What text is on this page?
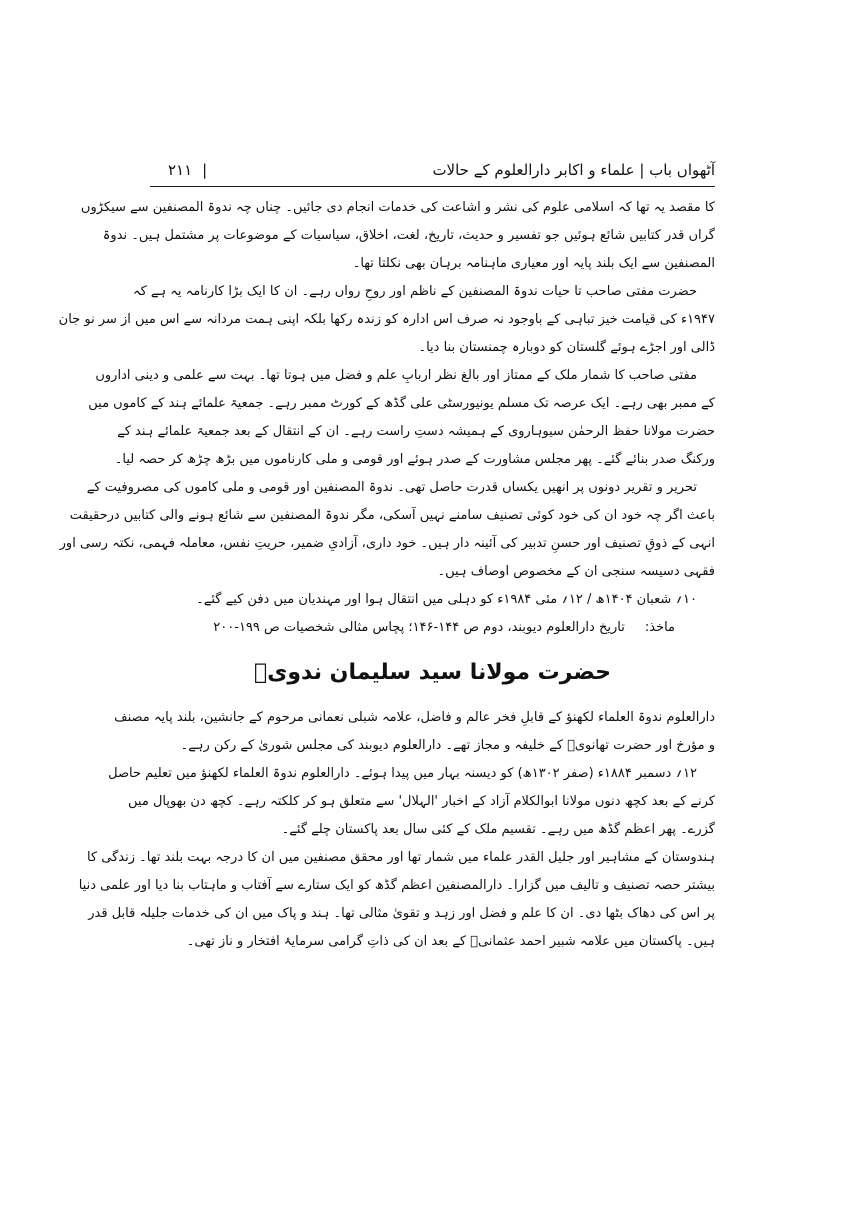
آٹھواں باب | علماء و اکابر دارالعلوم کے حالات
|
۲۱۱
کا مقصد یہ تھا کہ اسلامی علوم کی نشر و اشاعت کی خدمات انجام دی جائیں۔ چناں چہ ندوۃ المصنفین سے سیکڑوں
گراں قدر کتابیں شائع ہوئیں جو تفسیر و حدیث، تاریخ، لغت، اخلاق، سیاسیات کے موضوعات پر مشتمل ہیں۔ ندوۃ
المصنفین سے ایک بلند پایہ اور معیاری ماہنامہ برہان بھی نکلتا تھا۔
حضرت مفتی صاحب تا حیات ندوۃ المصنفین کے ناظم اور روحِ رواں رہے۔ ان کا ایک بڑا کارنامہ یہ ہے کہ
۱۹۴۷ء کی قیامت خیز تباہی کے باوجود نہ صرف اس ادارہ کو زندہ رکھا بلکہ اپنی ہمت مردانہ سے اس میں از سر نو جان
ڈالی اور اجڑے ہوئے گلستان کو دوبارہ چمنستان بنا دیا۔
مفتی صاحب کا شمار ملک کے ممتاز اور بالغ نظر اربابِ علم و فضل میں ہوتا تھا۔ بہت سے علمی و دینی اداروں
کے ممبر بھی رہے۔ ایک عرصہ تک مسلم یونیورسٹی علی گڈھ کے کورٹ ممبر رہے۔ جمعیۃ علمائے ہند کے کاموں میں
حضرت مولانا حفظ الرحمٰن سیوہاروی کے ہمیشہ دستِ راست رہے۔ ان کے انتقال کے بعد جمعیۃ علمائے ہند کے
ورکنگ صدر بنائے گئے۔ پھر مجلس مشاورت کے صدر ہوئے اور قومی و ملی کارناموں میں بڑھ چڑھ کر حصہ لیا۔
تحریر و تقریر دونوں پر انھیں یکساں قدرت حاصل تھی۔ ندوۃ المصنفین اور قومی و ملی کاموں کی مصروفیت کے
باعث اگر چہ خود ان کی خود کوئی تصنیف سامنے نہیں آسکی، مگر ندوۃ المصنفین سے شائع ہونے والی کتابیں درحقیقت
انہی کے ذوقِ تصنیف اور حسنِ تدبیر کی آئینہ دار ہیں۔ خود داری، آزادیِ ضمیر، حریتِ نفس، معاملہ فہمی، نکتہ رسی اور
فقہی دسیسہ سنجی ان کے مخصوص اوصاف ہیں۔
۱۰؍ شعبان ۱۴۰۴ھ / ۱۲؍ مئی ۱۹۸۴ء کو دہلی میں انتقال ہوا اور مہندیان میں دفن کیے گئے۔
ماخذ:
تاریخ دارالعلوم دیوبند، دوم ص ۱۴۴-۱۴۶؛ پچاس مثالی شخصیات ص ۱۹۹-۲۰۰
حضرت مولانا سید سلیمان ندویؒ
دارالعلوم ندوۃ العلماء لکھنؤ کے قابلِ فخر عالم و فاضل، علامہ شبلی نعمانی مرحوم کے جانشین، بلند پایہ مصنف
و مؤرخ اور حضرت تھانویؒ کے خلیفہ و مجاز تھے۔ دارالعلوم دیوبند کی مجلس شوریٰ کے رکن رہے۔
۱۲؍ دسمبر ۱۸۸۴ء (صفر ۱۳۰۲ھ) کو دیسنہ بہار میں پیدا ہوئے۔ دارالعلوم ندوۃ العلماء لکھنؤ میں تعلیم حاصل
کرنے کے بعد کچھ دنوں مولانا ابوالکلام آزاد کے اخبار 'الہلال' سے متعلق ہو کر کلکتہ رہے۔ کچھ دن بھوپال میں
گزرے۔ پھر اعظم گڈھ میں رہے۔ تقسیم ملک کے کئی سال بعد پاکستان چلے گئے۔
ہندوستان کے مشاہیر اور جلیل القدر علماء میں شمار تھا اور محقق مصنفین میں ان کا درجہ بہت بلند تھا۔ زندگی کا
بیشتر حصہ تصنیف و تالیف میں گزارا۔ دارالمصنفین اعظم گڈھ کو ایک ستارے سے آفتاب و ماہتاب بنا دیا اور علمی دنیا
پر اس کی دھاک بٹھا دی۔ ان کا علم و فضل اور زہد و تقویٰ مثالی تھا۔ ہند و پاک میں ان کی خدمات جلیلہ قابل قدر
ہیں۔ پاکستان میں علامہ شبیر احمد عثمانیؒ کے بعد ان کی ذاتِ گرامی سرمایۂ افتخار و ناز تھی۔
